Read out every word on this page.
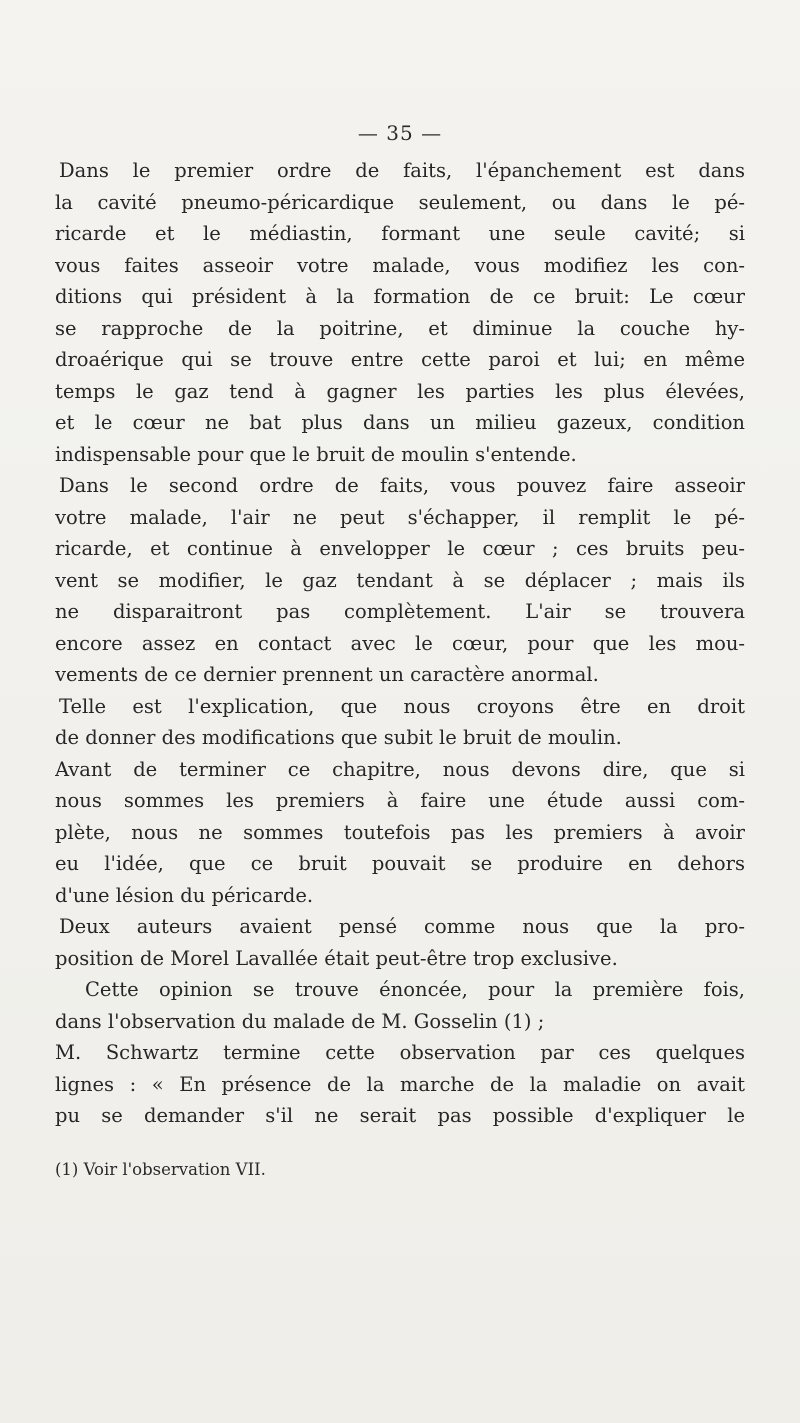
— 35 —
Dans le premier ordre de faits, l'épanchement est dans
la cavité pneumo-péricardique seulement, ou dans le pé-
ricarde et le médiastin, formant une seule cavité; si
vous faites asseoir votre malade, vous modifiez les con-
ditions qui président à la formation de ce bruit: Le cœur
se rapproche de la poitrine, et diminue la couche hy-
droaérique qui se trouve entre cette paroi et lui; en même
temps le gaz tend à gagner les parties les plus élevées,
et le cœur ne bat plus dans un milieu gazeux, condition
indispensable pour que le bruit de moulin s'entende.
Dans le second ordre de faits, vous pouvez faire asseoir
votre malade, l'air ne peut s'échapper, il remplit le pé-
ricarde, et continue à envelopper le cœur ; ces bruits peu-
vent se modifier, le gaz tendant à se déplacer ; mais ils
ne disparaitront pas complètement. L'air se trouvera
encore assez en contact avec le cœur, pour que les mou-
vements de ce dernier prennent un caractère anormal.
Telle est l'explication, que nous croyons être en droit
de donner des modifications que subit le bruit de moulin.
Avant de terminer ce chapitre, nous devons dire, que si
nous sommes les premiers à faire une étude aussi com-
plète, nous ne sommes toutefois pas les premiers à avoir
eu l'idée, que ce bruit pouvait se produire en dehors
d'une lésion du péricarde.
Deux auteurs avaient pensé comme nous que la pro-
position de Morel Lavallée était peut-être trop exclusive.
Cette opinion se trouve énoncée, pour la première fois,
dans l'observation du malade de M. Gosselin (1) ;
M. Schwartz termine cette observation par ces quelques
lignes : « En présence de la marche de la maladie on avait
pu se demander s'il ne serait pas possible d'expliquer le
(1) Voir l'observation VII.
